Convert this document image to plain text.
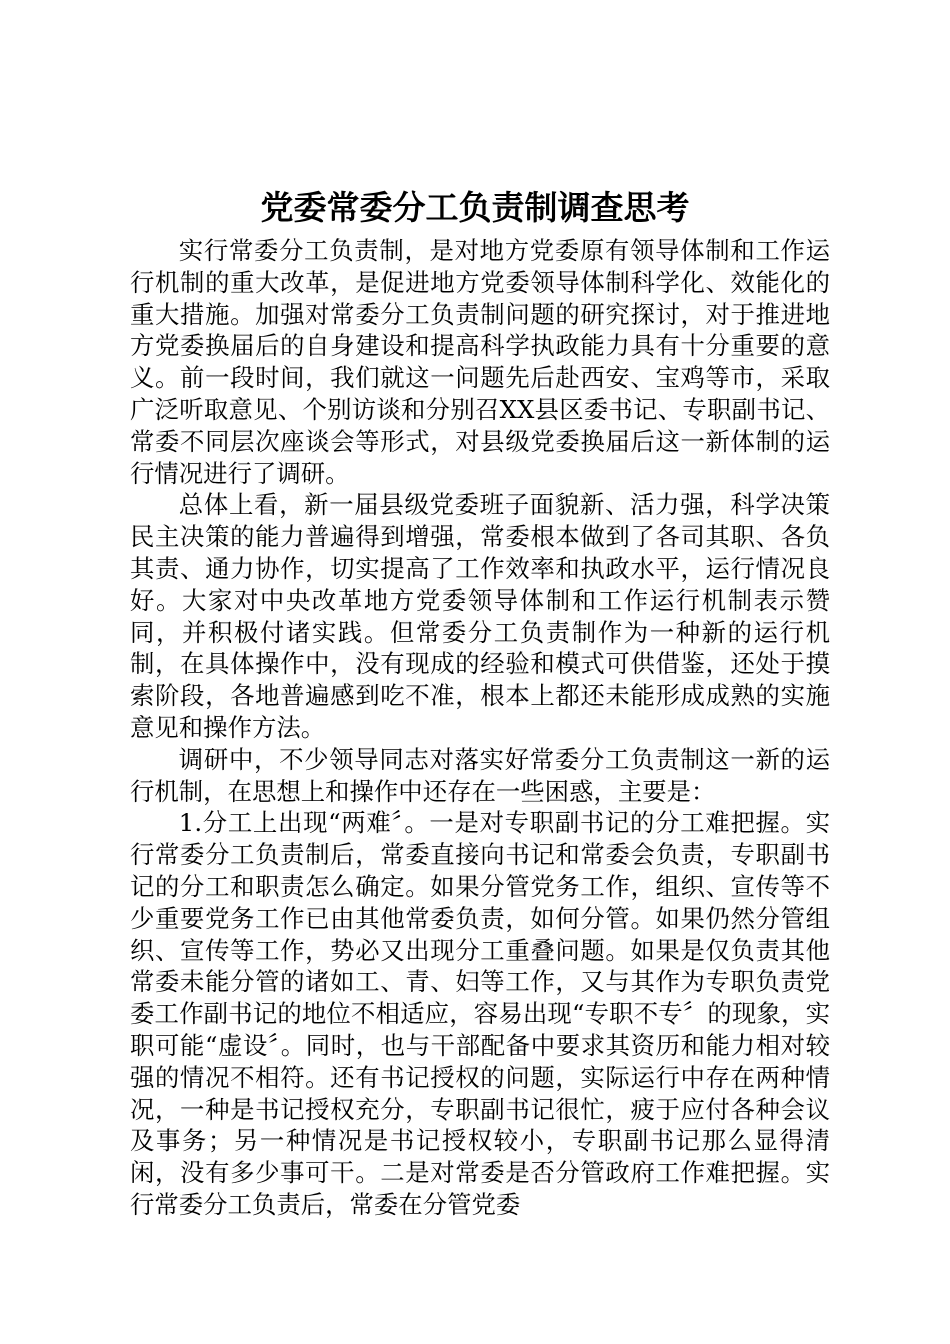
党委常委分工负责制调查思考

实行常委分工负责制，是对地方党委原有领导体制和工作运行机制的重大改革，是促进地方党委领导体制科学化、效能化的重大措施。加强对常委分工负责制问题的研究探讨，对于推进地方党委换届后的自身建设和提高科学执政能力具有十分重要的意义。前一段时间，我们就这一问题先后赴西安、宝鸡等市，采取广泛听取意见、个别访谈和分别召XX县区委书记、专职副书记、常委不同层次座谈会等形式，对县级党委换届后这一新体制的运行情况进行了调研。

总体上看，新一届县级党委班子面貌新、活力强，科学决策民主决策的能力普遍得到增强，常委根本做到了各司其职、各负其责、通力协作，切实提高了工作效率和执政水平，运行情况良好。大家对中央改革地方党委领导体制和工作运行机制表示赞同，并积极付诸实践。但常委分工负责制作为一种新的运行机制，在具体操作中，没有现成的经验和模式可供借鉴，还处于摸索阶段，各地普遍感到吃不准，根本上都还未能形成成熟的实施意见和操作方法。

调研中，不少领导同志对落实好常委分工负责制这一新的运行机制，在思想上和操作中还存在一些困惑，主要是：

1.分工上出现“两难〞。一是对专职副书记的分工难把握。实行常委分工负责制后，常委直接向书记和常委会负责，专职副书记的分工和职责怎么确定。如果分管党务工作，组织、宣传等不少重要党务工作已由其他常委负责，如何分管。如果仍然分管组织、宣传等工作，势必又出现分工重叠问题。如果是仅负责其他常委未能分管的诸如工、青、妇等工作，又与其作为专职负责党委工作副书记的地位不相适应，容易出现“专职不专〞的现象，实职可能“虚设〞。同时，也与干部配备中要求其资历和能力相对较强的情况不相符。还有书记授权的问题，实际运行中存在两种情况，一种是书记授权充分，专职副书记很忙，疲于应付各种会议及事务；另一种情况是书记授权较小，专职副书记那么显得清闲，没有多少事可干。二是对常委是否分管政府工作难把握。实行常委分工负责后，常委在分管党委
